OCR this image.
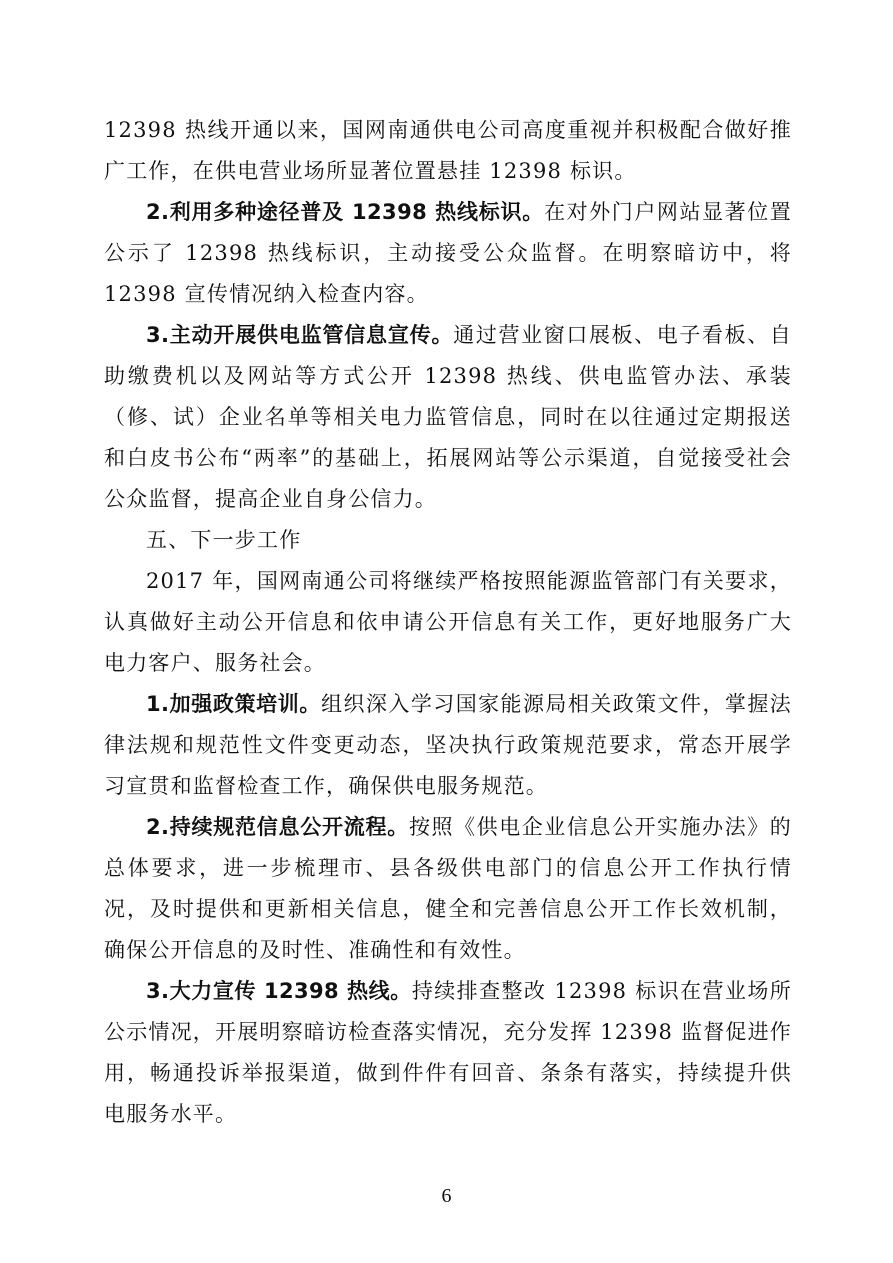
12398 热线开通以来，国网南通供电公司高度重视并积极配合做好推广工作，在供电营业场所显著位置悬挂 12398 标识。

2.利用多种途径普及 12398 热线标识。在对外门户网站显著位置公示了 12398 热线标识，主动接受公众监督。在明察暗访中，将 12398 宣传情况纳入检查内容。

3.主动开展供电监管信息宣传。通过营业窗口展板、电子看板、自助缴费机以及网站等方式公开 12398 热线、供电监管办法、承装（修、试）企业名单等相关电力监管信息，同时在以往通过定期报送和白皮书公布“两率”的基础上，拓展网站等公示渠道，自觉接受社会公众监督，提高企业自身公信力。

五、下一步工作

2017 年，国网南通公司将继续严格按照能源监管部门有关要求，认真做好主动公开信息和依申请公开信息有关工作，更好地服务广大电力客户、服务社会。

1.加强政策培训。组织深入学习国家能源局相关政策文件，掌握法律法规和规范性文件变更动态，坚决执行政策规范要求，常态开展学习宣贯和监督检查工作，确保供电服务规范。

2.持续规范信息公开流程。按照《供电企业信息公开实施办法》的总体要求，进一步梳理市、县各级供电部门的信息公开工作执行情况，及时提供和更新相关信息，健全和完善信息公开工作长效机制，确保公开信息的及时性、准确性和有效性。

3.大力宣传 12398 热线。持续排查整改 12398 标识在营业场所公示情况，开展明察暗访检查落实情况，充分发挥 12398 监督促进作用，畅通投诉举报渠道，做到件件有回音、条条有落实，持续提升供电服务水平。

6
